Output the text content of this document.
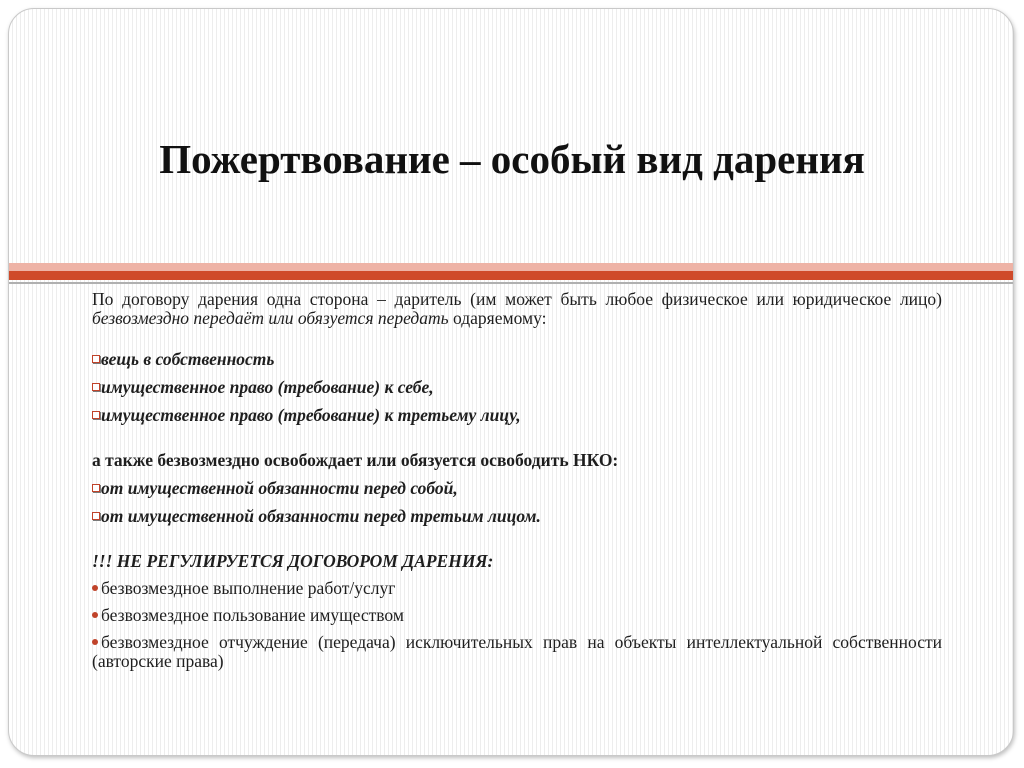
Пожертвование – особый вид дарения

По договору дарения одна сторона – даритель (им может быть любое физическое или юридическое лицо) безвозмездно передаёт или обязуется передать одаряемому:

вещь в собственность

имущественное право (требование) к себе,

имущественное право (требование) к третьему лицу,

а также безвозмездно освобождает или обязуется освободить НКО:

от имущественной обязанности перед собой,

от имущественной обязанности перед третьим лицом.

!!! НЕ РЕГУЛИРУЕТСЯ ДОГОВОРОМ ДАРЕНИЯ:

безвозмездное выполнение работ/услуг

безвозмездное пользование имуществом

безвозмездное отчуждение (передача) исключительных прав на объекты интеллектуальной собственности (авторские права)
